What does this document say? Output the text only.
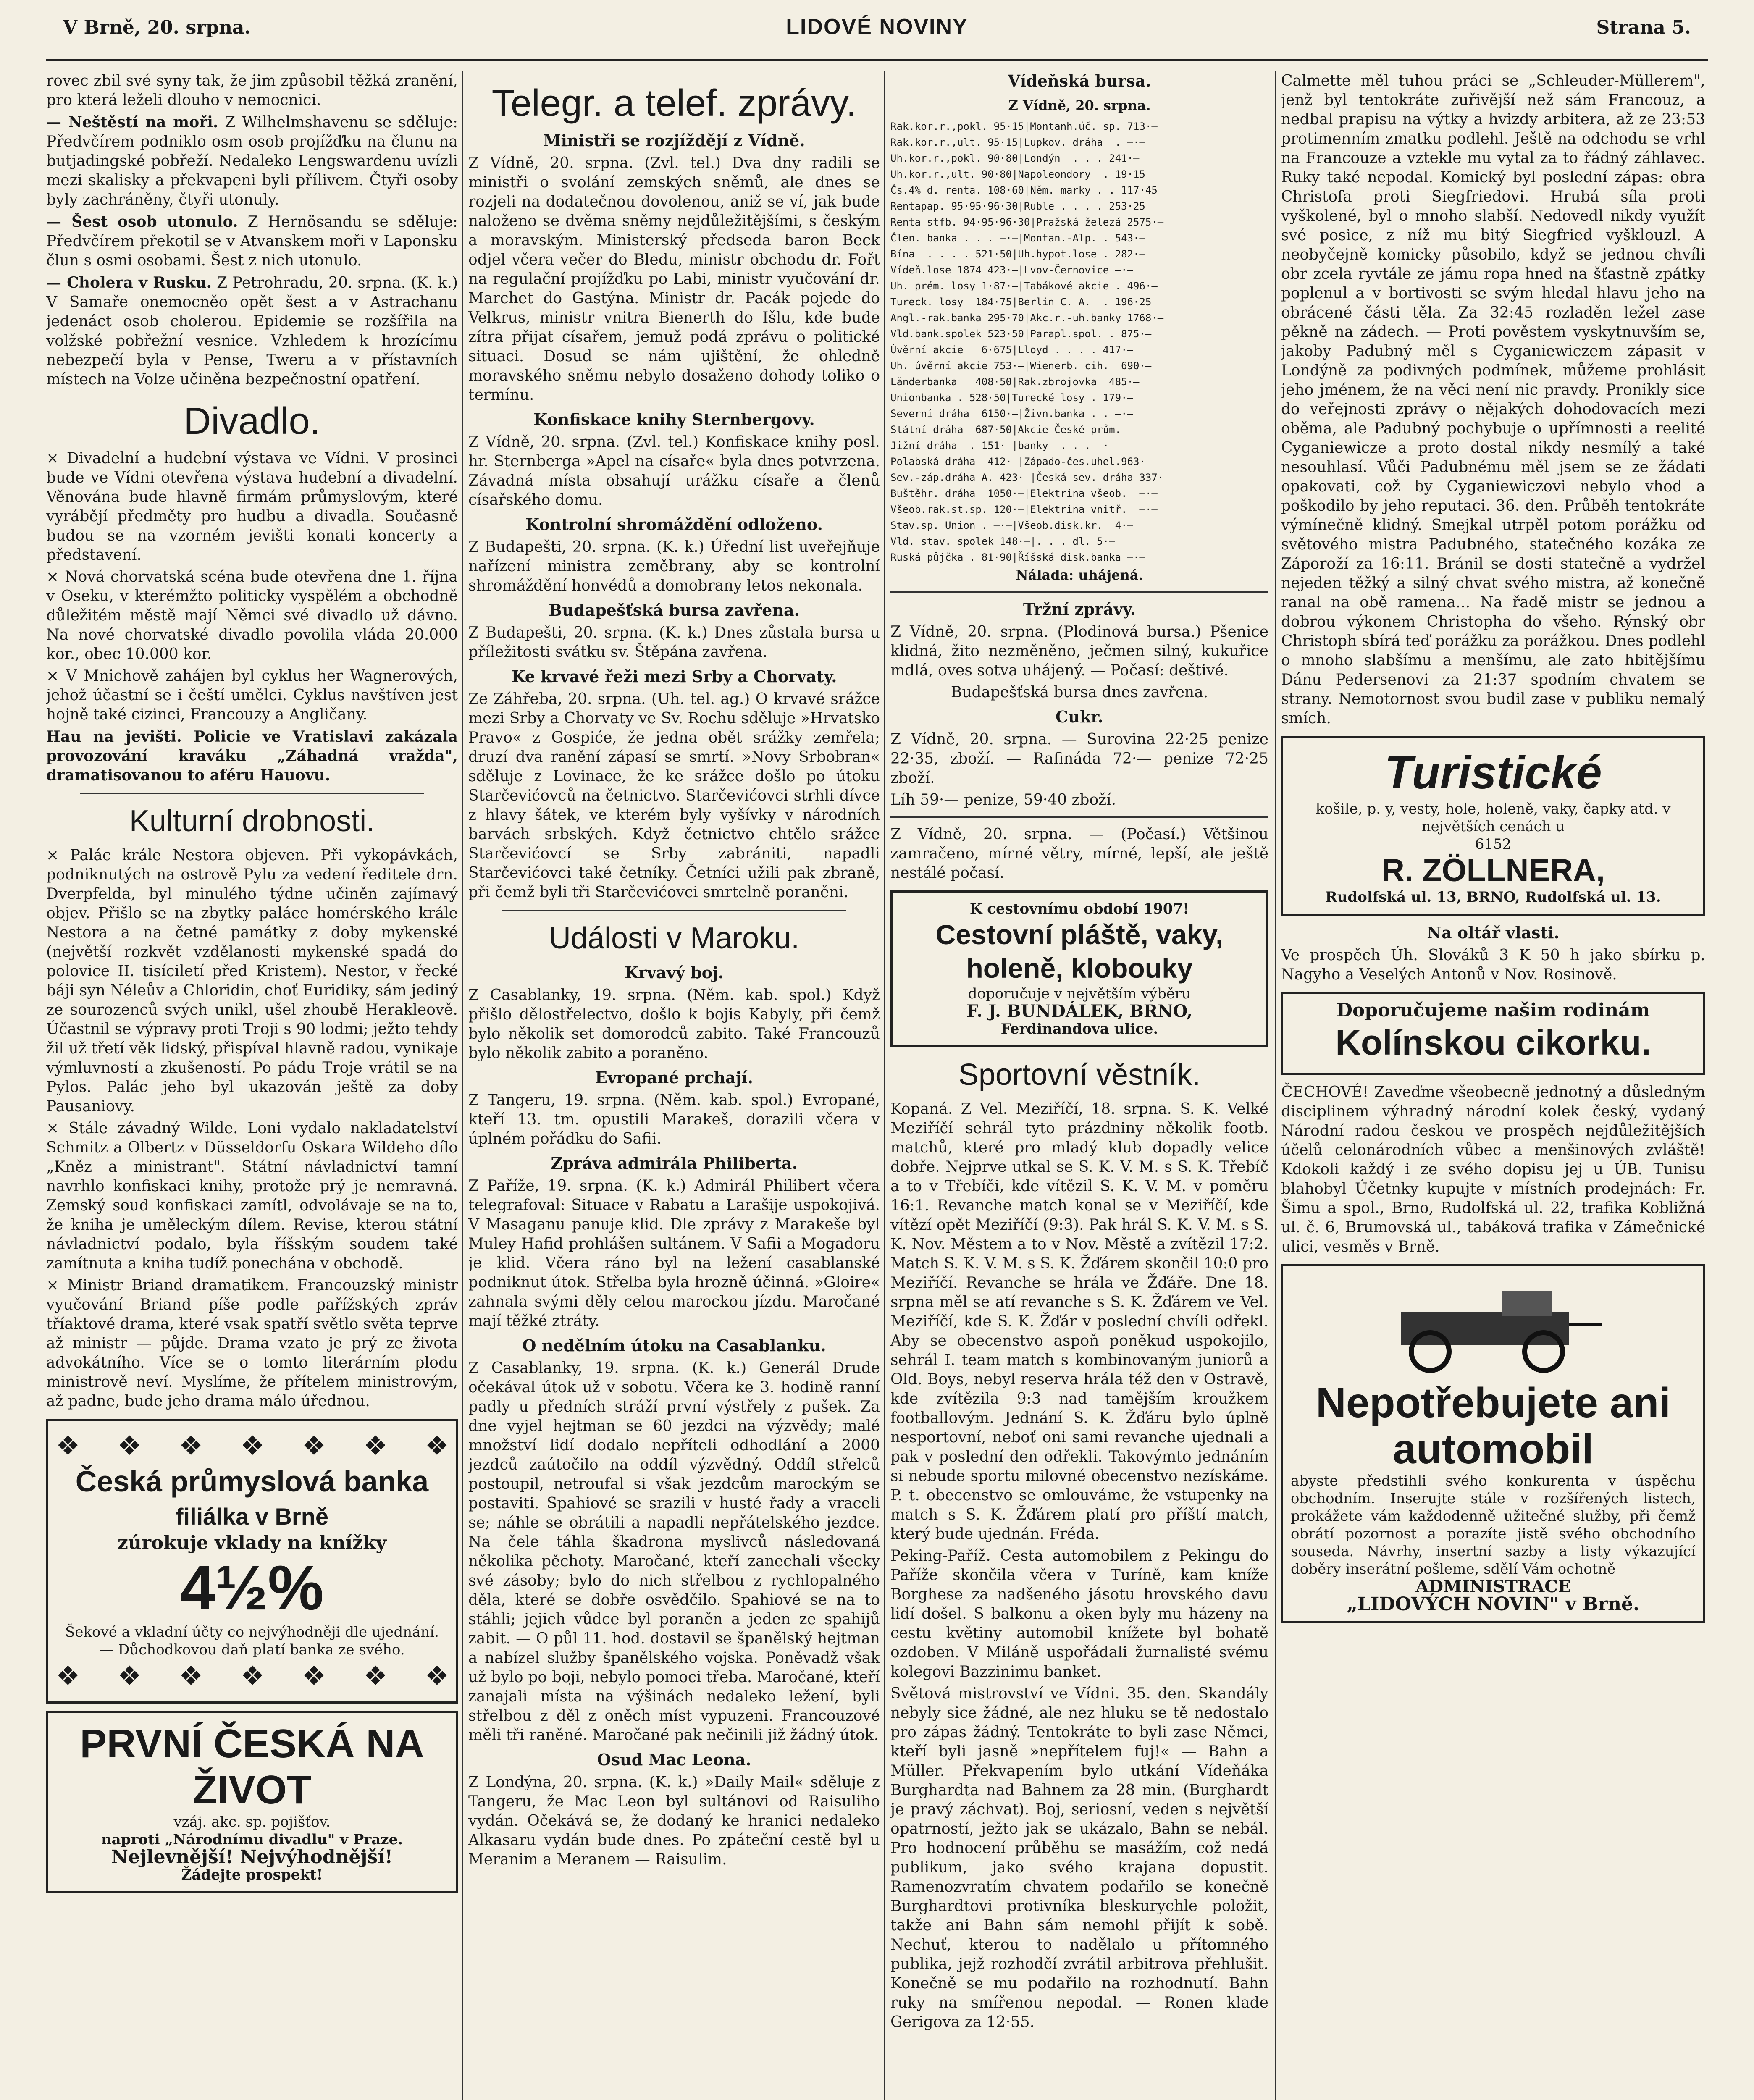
V Brně, 20. srpna.	LIDOVÉ NOVINY	Strana 5.

rovec zbil své syny tak, že jim způsobil těžká zranění, pro která leželi dlouho v nemocnici.

— Neštěstí na moři. Z Wilhelmshavenu se sděluje: Předvčírem podniklo osm osob projížďku na člunu na butjadingské pobřeží. Nedaleko Lengswardenu uvízli mezi skalisky a překvapeni byli přílivem. Čtyři osoby byly zachráněny, čtyři utonuly.

— Šest osob utonulo. Z Hernösandu se sděluje: Předvčírem překotil se v Atvanskem moři v Laponsku člun s osmi osobami. Šest z nich utonulo.

— Cholera v Rusku. Z Petrohradu, 20. srpna. (K. k.) V Samaře onemocněo opět šest a v Astrachanu jedenáct osob cholerou. Epidemie se rozšířila na volžské pobřežní vesnice. Vzhledem k hrozícímu nebezpečí byla v Pense, Tweru a v přístavních místech na Volze učiněna bezpečnostní opatření.

Divadlo.

× Divadelní a hudební výstava ve Vídni. V prosinci bude ve Vídni otevřena výstava hudební a divadelní. Věnována bude hlavně firmám průmyslovým, které vyrábějí předměty pro hudbu a divadla. Současně budou se na vzorném jevišti konati koncerty a představení.

× Nová chorvatská scéna bude otevřena dne 1. října v Oseku, v kterémžto politicky vyspělém a obchodně důležitém městě mají Němci své divadlo už dávno. Na nové chorvatské divadlo povolila vláda 20.000 kor., obec 10.000 kor.

× V Mnichově zahájen byl cyklus her Wagnerových, jehož účastní se i čeští umělci. Cyklus navštíven jest hojně také cizinci, Francouzy a Angličany.

Hau na jevišti. Policie ve Vratislavi zakázala provozování kraváku „Záhadná vražda", dramatisovanou to aféru Hauovu.

Kulturní drobnosti.

× Palác krále Nestora objeven. Při vykopávkách, podniknutých na ostrově Pylu za vedení ředitele drn. Dverpfelda, byl minulého týdne učiněn zajímavý objev. Přišlo se na zbytky paláce homérského krále Nestora a na četné památky z doby mykenské (největší rozkvět vzdělanosti mykenské spadá do polovice II. tisíciletí před Kristem). Nestor, v řecké báji syn Néleův a Chloridin, choť Euridiky, sám jediný ze sourozenců svých unikl, ušel zhoubě Herakleově. Účastnil se výpravy proti Troji s 90 lodmi; ježto tehdy žil už třetí věk lidský, přispíval hlavně radou, vynikaje výmluvností a zkušeností. Po pádu Troje vrátil se na Pylos. Palác jeho byl ukazován ještě za doby Pausaniovy.

× Stále závadný Wilde. Loni vydalo nakladatelství Schmitz a Olbertz v Düsseldorfu Oskara Wildeho dílo „Kněz a ministrant". Státní návladnictví tamní navrhlo konfiskaci knihy, protože prý je nemravná. Zemský soud konfiskaci zamítl, odvolávaje se na to, že kniha je uměleckým dílem. Revise, kterou státní návladnictví podalo, byla říšským soudem také zamítnuta a kniha tudíž ponechána v obchodě.

× Ministr Briand dramatikem. Francouzský ministr vyučování Briand píše podle pařížských zpráv tříaktové drama, které vsak spatří světlo světa teprve až ministr — půjde. Drama vzato je prý ze života advokátního. Více se o tomto literárním plodu ministrově neví. Myslíme, že přítelem ministrovým, až padne, bude jeho drama málo úřednou.

❖ ❖ ❖ ❖ ❖ ❖ ❖
Česká průmyslová banka
filiálka v Brně
zúrokuje vklady na knížky
4½%
Šekové a vkladní účty co nejvýhodněji dle ujednání. — Důchodkovou daň platí banka ze svého.
❖ ❖ ❖ ❖ ❖ ❖ ❖
PRVNÍ ČESKÁ NA ŽIVOT
vzáj. akc. sp. pojišťov.
naproti „Národnímu divadlu" v Praze.
Nejlevnější! Nejvýhodnější!
Žádejte prospekt!
Telegr. a telef. zprávy.
Ministři se rozjíždějí z Vídně.

Z Vídně, 20. srpna. (Zvl. tel.) Dva dny radili se ministři o svolání zemských sněmů, ale dnes se rozjeli na dodatečnou dovolenou, aniž se ví, jak bude naloženo se dvěma sněmy nejdůležitějšími, s českým a moravským. Ministerský předseda baron Beck odjel včera večer do Bledu, ministr obchodu dr. Fořt na regulační projížďku po Labi, ministr vyučování dr. Marchet do Gastýna. Ministr dr. Pacák pojede do Velkrus, ministr vnitra Bienerth do Išlu, kde bude zítra přijat císařem, jemuž podá zprávu o politické situaci. Dosud se nám ujištění, že ohledně moravského sněmu nebylo dosaženo dohody toliko o termínu.

Konfiskace knihy Sternbergovy.

Z Vídně, 20. srpna. (Zvl. tel.) Konfiskace knihy posl. hr. Sternberga »Apel na císaře« byla dnes potvrzena. Závadná místa obsahují urážku císaře a členů císařského domu.

Kontrolní shromáždění odloženo.

Z Budapešti, 20. srpna. (K. k.) Úřední list uveřejňuje nařízení ministra zeměbrany, aby se kontrolní shromáždění honvédů a domobrany letos nekonala.

Budapešťská bursa zavřena.

Z Budapešti, 20. srpna. (K. k.) Dnes zůstala bursa u příležitosti svátku sv. Štěpána zavřena.

Ke krvavé řeži mezi Srby a Chorvaty.

Ze Záhřeba, 20. srpna. (Uh. tel. ag.) O krvavé srážce mezi Srby a Chorvaty ve Sv. Rochu sděluje »Hrvatsko Pravo« z Gospiće, že jedna obět srážky zemřela; druzí dva ranění zápasí se smrtí. »Novy Srbobran« sděluje z Lovinace, že ke srážce došlo po útoku Starčevićovců na četnictvo. Starčevićovci strhli dívce z hlavy šátek, ve kterém byly vyšívky v národních barvách srbských. Když četnictvo chtělo srážce Starčevićovcí se Srby zabrániti, napadli Starčevićovci také četníky. Četníci užili pak zbraně, při čemž byli tři Starčevićovci smrtelně poraněni.

Události v Maroku.
Krvavý boj.

Z Casablanky, 19. srpna. (Něm. kab. spol.) Když přišlo dělostřelectvo, došlo k bojis Kabyly, při čemž bylo několik set domorodců zabito. Také Francouzů bylo několik zabito a poraněno.

Evropané prchají.

Z Tangeru, 19. srpna. (Něm. kab. spol.) Evropané, kteří 13. tm. opustili Marakeš, dorazili včera v úplném pořádku do Safii.

Zpráva admirála Philiberta.

Z Paříže, 19. srpna. (K. k.) Admirál Philibert včera telegrafoval: Situace v Rabatu a Larašije uspokojivá. V Masaganu panuje klid. Dle zprávy z Marakeše byl Muley Hafid prohlášen sultánem. V Safii a Mogadoru je klid. Včera ráno byl na ležení casablanské podniknut útok. Střelba byla hrozně účinná. »Gloire« zahnala svými děly celou marockou jízdu. Maročané mají těžké ztráty.

O nedělním útoku na Casablanku.

Z Casablanky, 19. srpna. (K. k.) Generál Drude očekával útok už v sobotu. Včera ke 3. hodině ranní padly u předních stráží první výstřely z pušek. Za dne vyjel hejtman se 60 jezdci na výzvědy; malé množství lidí dodalo nepříteli odhodlání a 2000 jezdců zaútočilo na oddíl výzvědný. Oddíl střelců postoupil, netroufal si však jezdcům marockým se postaviti. Spahiové se srazili v husté řady a vraceli se; náhle se obrátili a napadli nepřátelského jezdce. Na čele táhla škadrona myslivců následovaná několika pěchoty. Maročané, kteří zanechali všecky své zásoby; bylo do nich střelbou z rychlopalného děla, které se dobře osvědčilo. Spahiové se na to stáhli; jejich vůdce byl poraněn a jeden ze spahijů zabit. — O půl 11. hod. dostavil se španělský hejtman a nabízel služby španělského vojska. Poněvadž však už bylo po boji, nebylo pomoci třeba. Maročané, kteří zanajali místa na výšinách nedaleko ležení, byli střelbou z děl z oněch míst vypuzeni. Francouzové měli tři raněné. Maročané pak nečinili již žádný útok.

Osud Mac Leona.

Z Londýna, 20. srpna. (K. k.) »Daily Mail« sděluje z Tangeru, že Mac Leon byl sultánovi od Raisuliho vydán. Očekává se, že dodaný ke hranici nedaleko Alkasaru vydán bude dnes. Po zpáteční cestě byl u Meranim a Meranem — Raisulim.

Vídeňská bursa.
Z Vídně, 20. srpna.
Rak.kor.r.,pokl. 95·15|Montanh.úč. sp. 713·—
Rak.kor.r.,ult. 95·15|Lupkov. dráha  . —·—
Uh.kor.r.,pokl. 90·80|Londýn  . . . 241·—
Uh.kor.r.,ult. 90·80|Napoleondory  . 19·15
Čs.4% d. renta. 108·60|Něm. marky . . 117·45
Rentapap. 95·95·96·30|Ruble . . . . 253·25
Renta stfb. 94·95·96·30|Pražská železá 2575·—
Člen. banka . . . —·—|Montan.-Alp. . 543·—
Bína  . . . . 521·50|Uh.hypot.lose . 282·—
Vídeň.lose 1874 423·—|Lvov-Černovice —·—
Uh. prém. losy 1·87·—|Tabákové akcie . 496·—
Tureck. losy  184·75|Berlin C. A.  . 196·25
Angl.-rak.banka 295·70|Akc.r.-uh.banky 1768·—
Vld.bank.spolek 523·50|Parapl.spol. . 875·—
Úvěrní akcie   6·675|Lloyd . . . . 417·—
Uh. úvěrní akcie 753·—|Wienerb. cih.  690·—
Länderbanka   408·50|Rak.zbrojovka  485·—
Unionbanka . 528·50|Turecké losy . 179·—
Severní dráha  6150·—|Živn.banka . . —·—
Státní dráha  687·50|Akcie České prům.
Jižní dráha  . 151·—|banky  . . . —·—
Polabská dráha  412·—|Západo-čes.uhel.963·—
Sev.-záp.dráha A. 423·—|Česká sev. dráha 337·—
Buštěhr. dráha  1050·—|Elektrina všeob.  —·—
Všeob.rak.st.sp. 120·—|Elektrina vnitř.  —·—
Stav.sp. Union . —·—|Všeob.disk.kr.  4·—
Vld. stav. spolek 148·—|. . . dl. 5·—
Ruská půjčka . 81·90|Říšská disk.banka —·—
Nálada: uhájená.
Tržní zprávy.

Z Vídně, 20. srpna. (Plodinová bursa.) Pšenice klidná, žito nezměněno, ječmen silný, kukuřice mdlá, oves sotva uhájený. — Počasí: deštivé.

Budapešťská bursa dnes zavřena.

Cukr.

Z Vídně, 20. srpna. — Surovina 22·25 penize 22·35, zboží. — Rafináda 72·— penize 72·25 zboží.

Líh 59·— penize, 59·40 zboží.

Z Vídně, 20. srpna. — (Počasí.) Většinou zamračeno, mírné větry, mírné, lepší, ale ještě nestálé počasí.

K cestovnímu období 1907!
Cestovní pláště, vaky, holeně, klobouky
doporučuje v největším výběru
F. J. BUNDÁLEK, BRNO,
Ferdinandova ulice.
Sportovní věstník.

Kopaná. Z Vel. Meziříčí, 18. srpna. S. K. Velké Meziříčí sehrál tyto prázdniny několik footb. matchů, které pro mladý klub dopadly velice dobře. Nejprve utkal se S. K. V. M. s S. K. Třebíč a to v Třebíči, kde vítězil S. K. V. M. v poměru 16:1. Revanche match konal se v Meziříčí, kde vítězí opět Meziříčí (9:3). Pak hrál S. K. V. M. s S. K. Nov. Městem a to v Nov. Městě a zvítězil 17:2. Match S. K. V. M. s S. K. Žďárem skončil 10:0 pro Meziříčí. Revanche se hrála ve Žďáře. Dne 18. srpna měl se atí revanche s S. K. Žďárem ve Vel. Meziříčí, kde S. K. Žďár v poslední chvíli odřekl. Aby se obecenstvo aspoň poněkud uspokojilo, sehrál I. team match s kombinovaným juniorů a Old. Boys, nebyl reserva hrála též den v Ostravě, kde zvítězila 9:3 nad tamějším kroužkem footballovým. Jednání S. K. Žďáru bylo úplně nesportovní, neboť oni sami revanche ujednali a pak v poslední den odřekli. Takovýmto jednáním si nebude sportu milovné obecenstvo nezískáme. P. t. obecenstvo se omlouváme, že vstupenky na match s S. K. Žďárem platí pro příští match, který bude ujednán. Fréda.

Peking-Paříž. Cesta automobilem z Pekingu do Paříže skončila včera v Turíně, kam kníže Borghese za nadšeného jásotu hrovského davu lidí došel. S balkonu a oken byly mu házeny na cestu květiny automobil knížete byl bohatě ozdoben. V Miláně uspořádali žurnalisté svému kolegovi Bazzinimu banket.

Světová mistrovství ve Vídni. 35. den. Skandály nebyly sice žádné, ale nez hluku se tě nedostalo pro zápas žádný. Tentokráte to byli zase Němci, kteří byli jasně »nepřítelem fuj!« — Bahn a Müller. Překvapením bylo utkání Vídeňáka Burghardta nad Bahnem za 28 min. (Burghardt je pravý záchvat). Boj, seriosní, veden s největší opatrností, ježto jak se ukázalo, Bahn se nebál. Pro hodnocení průběhu se masážím, což nedá publikum, jako svého krajana dopustit. Ramenozvratím chvatem podařilo se konečně Burghardtovi protivníka bleskurychle položit, takže ani Bahn sám nemohl přijít k sobě. Nechuť, kterou to nadělalo u přítomného publika, jejž rozhodčí zvrátil arbitrova přehlušit. Konečně se mu podařilo na rozhodnutí. Bahn ruky na smířenou nepodal. — Ronen klade Gerigova za 12·55.

Calmette měl tuhou práci se „Schleuder-Müllerem", jenž byl tentokráte zuřivější než sám Francouz, a nedbal prapisu na výtky a hvizdy arbitera, až ze 23:53 protimenním zmatku podlehl. Ještě na odchodu se vrhl na Francouze a vztekle mu vytal za to řádný záhlavec. Ruky také nepodal. Komický byl poslední zápas: obra Christofa proti Siegfriedovi. Hrubá síla proti vyškolené, byl o mnoho slabší. Nedovedl nikdy využít své posice, z níž mu bitý Siegfried vyšklouzl. A neobyčejně komicky působilo, když se jednou chvíli obr zcela ryvtále ze jámu ropa hned na šťastně zpátky poplenul a v bortivosti se svým hledal hlavu jeho na obrácené části těla. Za 32:45 rozladěn ležel zase pěkně na zádech. — Proti pověstem vyskytnuvším se, jakoby Padubný měl s Cyganiewiczem zápasit v Londýně za podivných podmínek, můžeme prohlásit jeho jménem, že na věci není nic pravdy. Pronikly sice do veřejnosti zprávy o nějakých dohodovacích mezi oběma, ale Padubný pochybuje o upřímnosti a reelité Cyganiewicze a proto dostal nikdy nesmílý a také nesouhlasí. Vůči Padubnému měl jsem se ze žádati opakovati, což by Cyganiewiczovi nebylo vhod a poškodilo by jeho reputaci. 36. den. Průběh tentokráte výmínečně klidný. Smejkal utrpěl potom porážku od světového mistra Padubného, statečného kozáka ze Záporoží za 16:11. Bránil se dosti statečně a vydržel nejeden těžký a silný chvat svého mistra, až konečně ranal na obě ramena... Na řadě mistr se jednou a dobrou výkonem Christopha do všeho. Rýnský obr Christoph sbírá teď porážku za porážkou. Dnes podlehl o mnoho slabšímu a menšímu, ale zato hbitějšímu Dánu Pedersenovi za 21:37 spodním chvatem se strany. Nemotornost svou budil zase v publiku nemalý smích.

Turistické
košile, p. y, vesty, hole, holeně, vaky, čapky atd. v největších cenách u
6152
R. ZÖLLNERA,
Rudolfská ul. 13, BRNO, Rudolfská ul. 13.
Na oltář vlasti.

Ve prospěch Úh. Slováků 3 K 50 h jako sbírku p. Nagyho a Veselých Antonů v Nov. Rosinově.

Doporučujeme našim rodinám
Kolínskou cikorku.

ČECHOVÉ! Zaveďme všeobecně jednotný a důsledným disciplinem výhradný národní kolek český, vydaný Národní radou českou ve prospěch nejdůležitějších účelů celonárodních vůbec a menšinových zvláště! Kdokoli každý i ze svého dopisu jej u ÚB. Tunisu blahobyl Účetnky kupujte v místních prodejnách: Fr. Šimu a spol., Brno, Rudolfská ul. 22, trafika Kobližná ul. č. 6, Brumovská ul., tabáková trafika v Zámečnické ulici, vesměs v Brně.

Nepotřebujete ani automobil
abyste předstihli svého konkurenta v úspěchu obchodním. Inserujte stále v rozšířených listech, prokážete vám každodenně užitečné služby, při čemž obrátí pozornost a porazíte jistě svého obchodního souseda. Návrhy, insertní sazby a listy výkazující doběry inserátní pošleme, sdělí Vám ochotně
ADMINISTRACE
„LIDOVÝCH NOVIN" v Brně.
